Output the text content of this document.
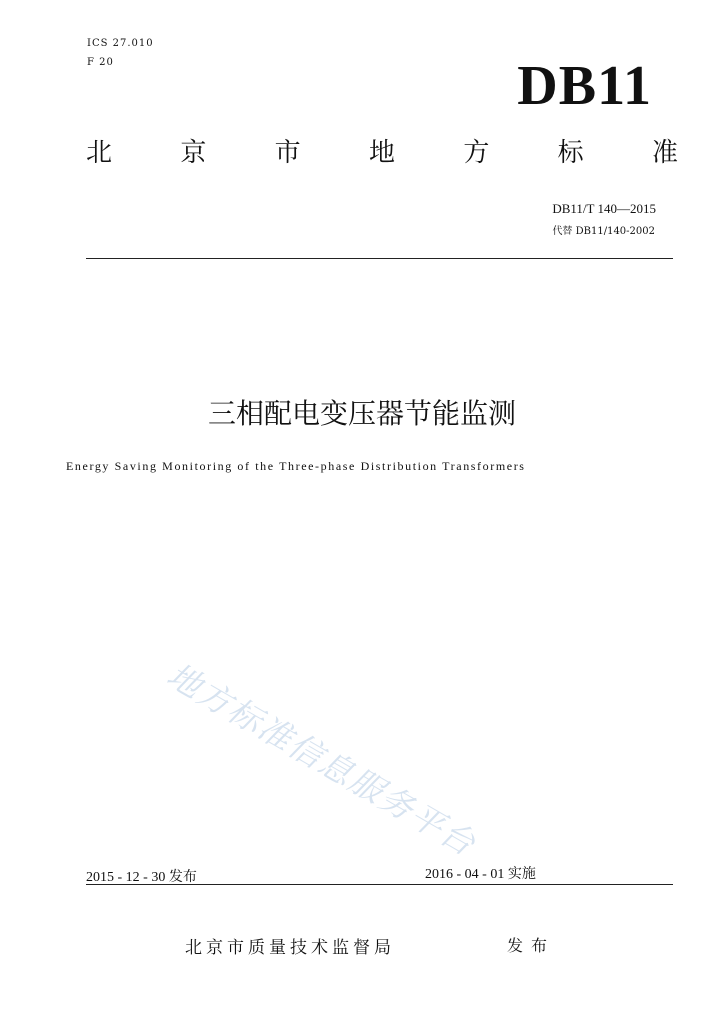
ICS 27.010
F 20	DB11
北	京	市	地	方	标	准
DB11/T 140—2015
代替 DB11/140-2002
三相配电变压器节能监测
Energy Saving Monitoring of the Three-phase Distribution Transformers
地方标准信息服务平台
2015 - 12 - 30 发布	2016 - 04 - 01 实施
北京市质量技术监督局	发布
